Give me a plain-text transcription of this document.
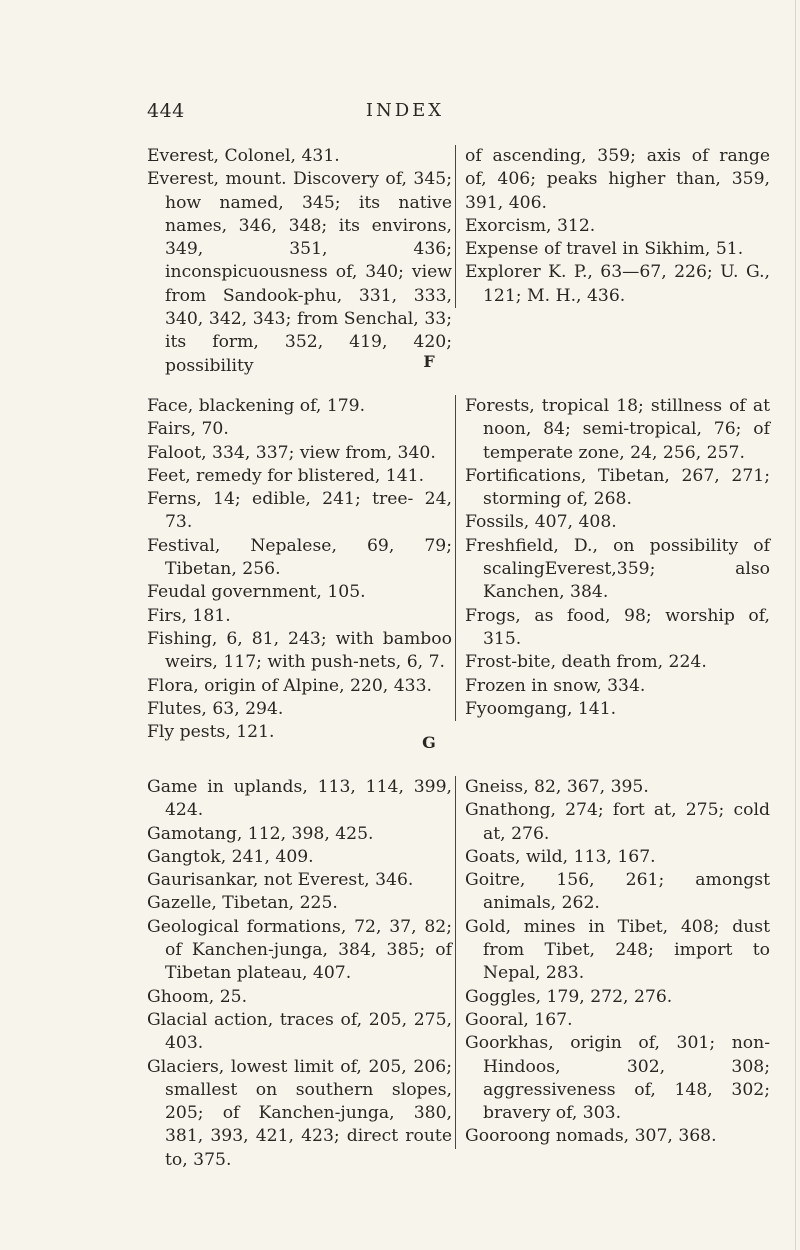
444	INDEX
Everest, Colonel, 431.
Everest, mount. Discovery of, 345; how named, 345; its native names, 346, 348; its environs, 349, 351, 436; inconspicuousness of, 340; view from Sandook-phu, 331, 333, 340, 342, 343; from Senchal, 33; its form, 352, 419, 420; possibility
of ascending, 359; axis of range of, 406; peaks higher than, 359, 391, 406.
Exorcism, 312.
Expense of travel in Sikhim, 51.
Explorer K. P., 63—67, 226; U. G., 121; M. H., 436.
F
Face, blackening of, 179.
Fairs, 70.
Faloot, 334, 337; view from, 340.
Feet, remedy for blistered, 141.
Ferns, 14; edible, 241; tree- 24, 73.
Festival, Nepalese, 69, 79; Tibetan, 256.
Feudal government, 105.
Firs, 181.
Fishing, 6, 81, 243; with bamboo weirs, 117; with push-nets, 6, 7.
Flora, origin of Alpine, 220, 433.
Flutes, 63, 294.
Fly pests, 121.
Forests, tropical 18; stillness of at noon, 84; semi-tropical, 76; of temperate zone, 24, 256, 257.
Fortifications, Tibetan, 267, 271; storming of, 268.
Fossils, 407, 408.
Freshfield, D., on possibility of scalingEverest,359; also Kanchen, 384.
Frogs, as food, 98; worship of, 315.
Frost-bite, death from, 224.
Frozen in snow, 334.
Fyoomgang, 141.
G
Game in uplands, 113, 114, 399, 424.
Gamotang, 112, 398, 425.
Gangtok, 241, 409.
Gaurisankar, not Everest, 346.
Gazelle, Tibetan, 225.
Geological formations, 72, 37, 82; of Kanchen-junga, 384, 385; of Tibetan plateau, 407.
Ghoom, 25.
Glacial action, traces of, 205, 275, 403.
Glaciers, lowest limit of, 205, 206; smallest on southern slopes, 205; of Kanchen-junga, 380, 381, 393, 421, 423; direct route to, 375.
Gneiss, 82, 367, 395.
Gnathong, 274; fort at, 275; cold at, 276.
Goats, wild, 113, 167.
Goitre, 156, 261; amongst animals, 262.
Gold, mines in Tibet, 408; dust from Tibet, 248; import to Nepal, 283.
Goggles, 179, 272, 276.
Gooral, 167.
Goorkhas, origin of, 301; non-Hindoos, 302, 308; aggressiveness of, 148, 302; bravery of, 303.
Gooroong nomads, 307, 368.
